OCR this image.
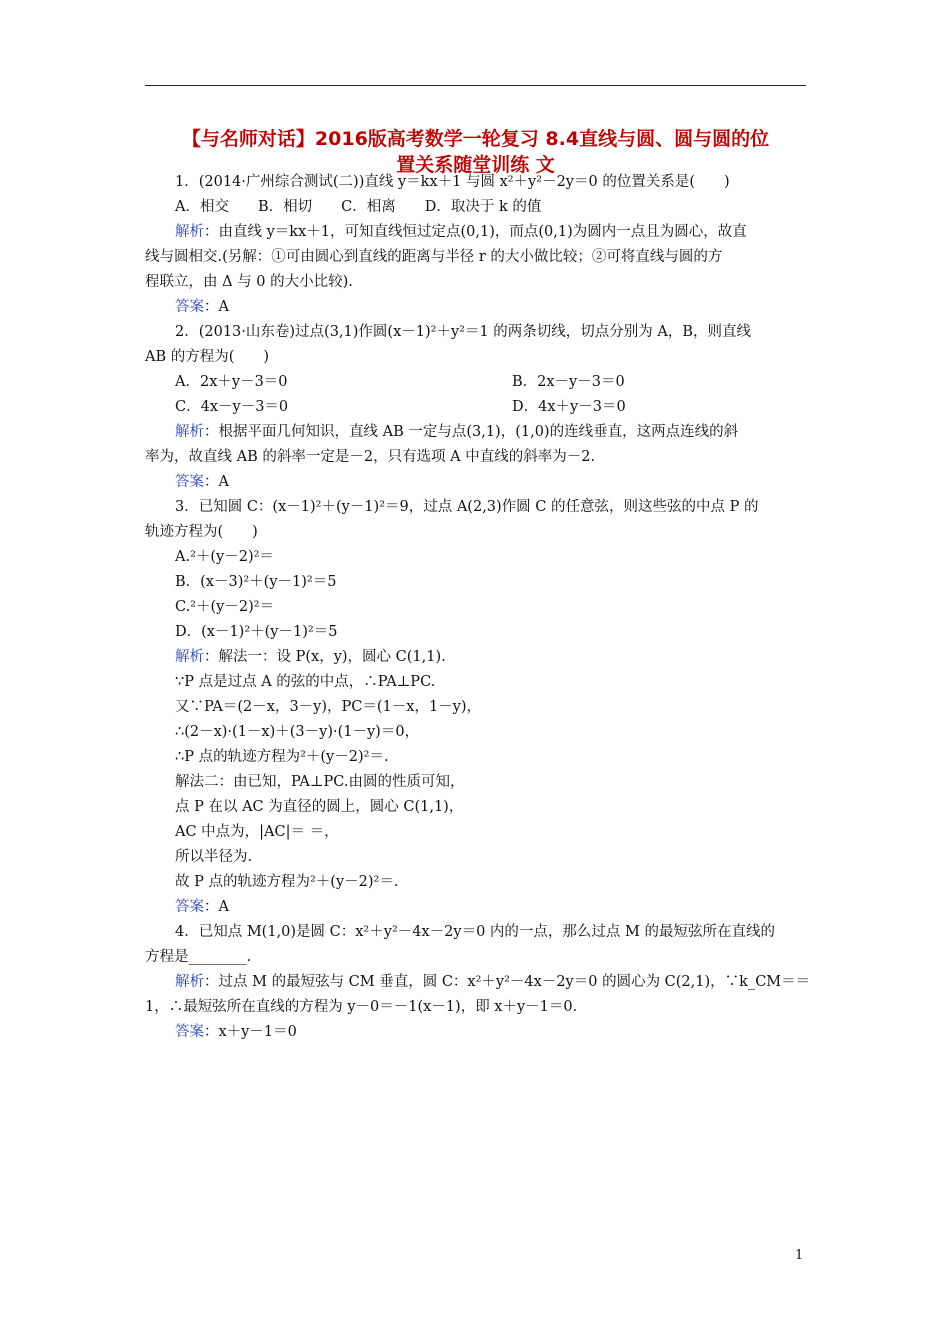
【与名师对话】2016版高考数学一轮复习 8.4直线与圆、圆与圆的位
置关系随堂训练 文
1．(2014·广州综合测试(二))直线 y＝kx＋1 与圆 x²＋y²－2y＝0 的位置关系是(　　)
A．相交　　B．相切　　C．相离　　D．取决于 k 的值
解析：由直线 y＝kx＋1，可知直线恒过定点(0,1)，而点(0,1)为圆内一点且为圆心，故直
线与圆相交.(另解：①可由圆心到直线的距离与半径 r 的大小做比较；②可将直线与圆的方
程联立，由 Δ 与 0 的大小比较).
答案：A
2．(2013·山东卷)过点(3,1)作圆(x－1)²＋y²＝1 的两条切线，切点分别为 A，B，则直线
AB 的方程为(　　)
A．2x＋y－3＝0	B．2x－y－3＝0
C．4x－y－3＝0	D．4x＋y－3＝0
解析：根据平面几何知识，直线 AB 一定与点(3,1)，(1,0)的连线垂直，这两点连线的斜
率为，故直线 AB 的斜率一定是－2，只有选项 A 中直线的斜率为－2.
答案：A
3．已知圆 C：(x－1)²＋(y－1)²＝9，过点 A(2,3)作圆 C 的任意弦，则这些弦的中点 P 的
轨迹方程为(　　)
A.²＋(y－2)²＝
B．(x－3)²＋(y－1)²＝5
C.²＋(y－2)²＝
D．(x－1)²＋(y－1)²＝5
解析：解法一：设 P(x，y)，圆心 C(1,1).
∵P 点是过点 A 的弦的中点，∴PA⊥PC.
又∵PA＝(2－x，3－y)，PC＝(1－x，1－y)，
∴(2－x)·(1－x)＋(3－y)·(1－y)＝0，
∴P 点的轨迹方程为²＋(y－2)²＝.
解法二：由已知，PA⊥PC.由圆的性质可知，
点 P 在以 AC 为直径的圆上，圆心 C(1,1)，
AC 中点为，|AC|＝ ＝，
所以半径为.
故 P 点的轨迹方程为²＋(y－2)²＝.
答案：A
4．已知点 M(1,0)是圆 C：x²＋y²－4x－2y＝0 内的一点，那么过点 M 的最短弦所在直线的
方程是________.
解析：过点 M 的最短弦与 CM 垂直，圆 C：x²＋y²－4x－2y＝0 的圆心为 C(2,1)，∵k_CM＝＝
1，∴最短弦所在直线的方程为 y－0＝－1(x－1)，即 x＋y－1＝0.
答案：x＋y－1＝0
1
